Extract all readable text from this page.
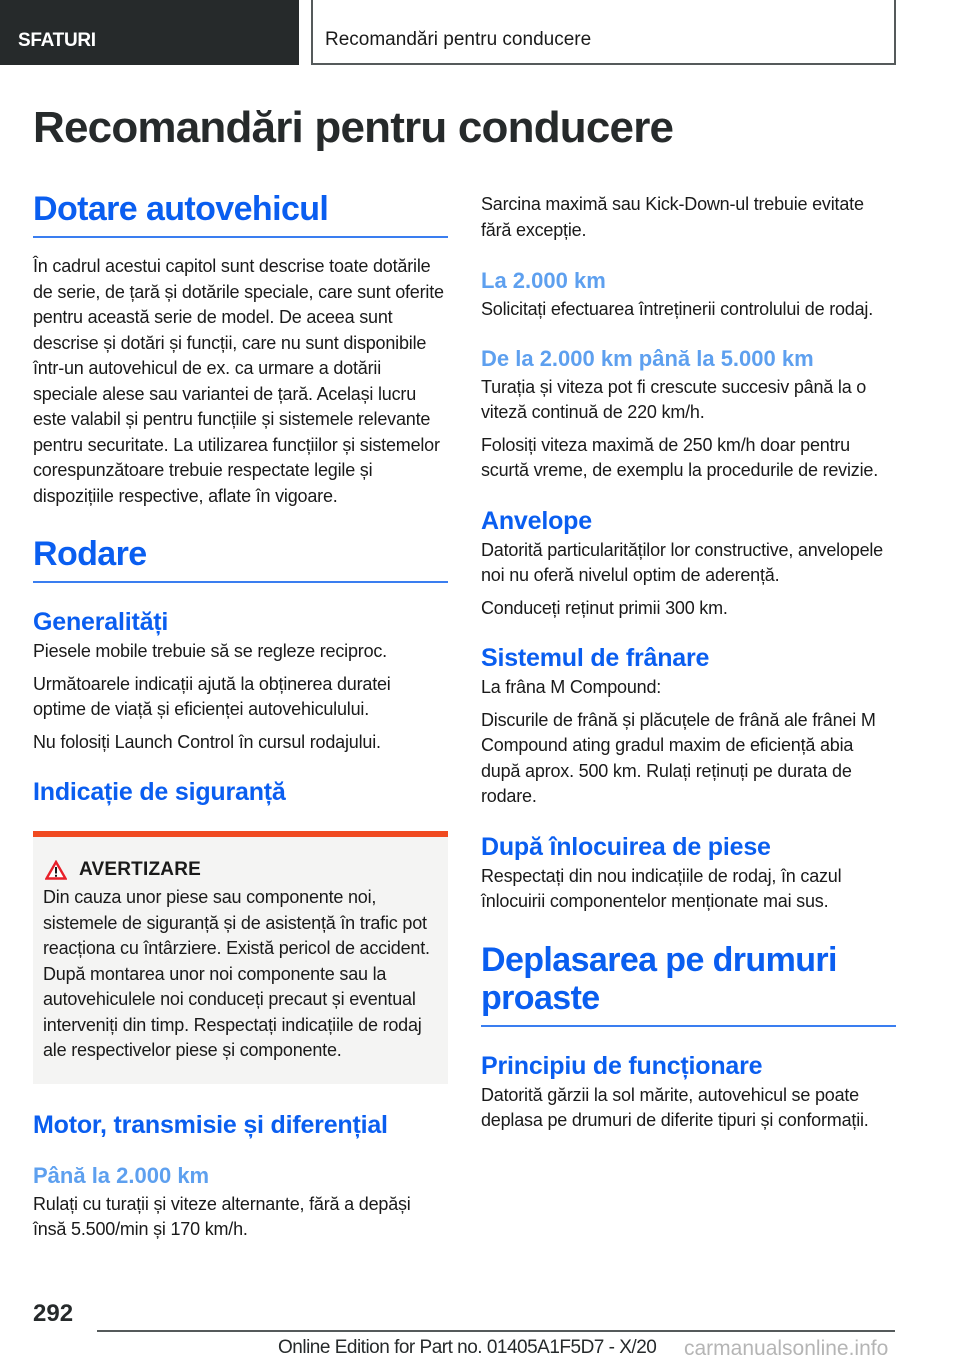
SFATURI	Recomandări pentru conducere
Recomandări pentru conducere
Dotare autovehicul

În cadrul acestui capitol sunt descrise toate dotările de serie, de țară și dotările speciale, care sunt oferite pentru această serie de model. De aceea sunt descrise și dotări și funcții, care nu sunt disponibile într-un autovehicul de ex. ca urmare a dotării speciale alese sau variantei de țară. Același lucru este valabil și pentru funcțiile și sistemele relevante pentru securitate. La utilizarea funcțiilor și sistemelor corespunzătoare trebuie respectate legile și dispozițiile respective, aflate în vigoare.

Rodare
Generalități

Piesele mobile trebuie să se regleze reciproc.

Următoarele indicații ajută la obținerea duratei optime de viață și eficienței autovehiculului.

Nu folosiți Launch Control în cursul rodajului.

Indicație de siguranță
AVERTIZARE

Din cauza unor piese sau componente noi, sistemele de siguranță și de asistență în trafic pot reacționa cu întârziere. Există pericol de accident. După montarea unor noi componente sau la autovehiculele noi conduceți precaut și eventual interveniți din timp. Respectați indicațiile de rodaj ale respectivelor piese și componente.

Motor, transmisie și diferențial
Până la 2.000 km

Rulați cu turații și viteze alternante, fără a depăși însă 5.500/min și 170 km/h.

Sarcina maximă sau Kick-Down-ul trebuie evitate fără excepție.

La 2.000 km

Solicitați efectuarea întreținerii controlului de rodaj.

De la 2.000 km până la 5.000 km

Turația și viteza pot fi crescute succesiv până la o viteză continuă de 220 km/h.

Folosiți viteza maximă de 250 km/h doar pentru scurtă vreme, de exemplu la procedurile de revizie.

Anvelope

Datorită particularităților lor constructive, anvelopele noi nu oferă nivelul optim de aderență.

Conduceți reținut primii 300 km.

Sistemul de frânare

La frâna M Compound:

Discurile de frână și plăcuțele de frână ale frânei M Compound ating gradul maxim de eficiență abia după aprox. 500 km. Rulați reținuți pe durata de rodare.

După înlocuirea de piese

Respectați din nou indicațiile de rodaj, în cazul înlocuirii componentelor menționate mai sus.

Deplasarea pe drumuri proaste
Principiu de funcționare

Datorită gărzii la sol mărite, autovehicul se poate deplasa pe drumuri de diferite tipuri și conformații.

292
Online Edition for Part no. 01405A1F5D7 - X/20 carmanualsonline.info
